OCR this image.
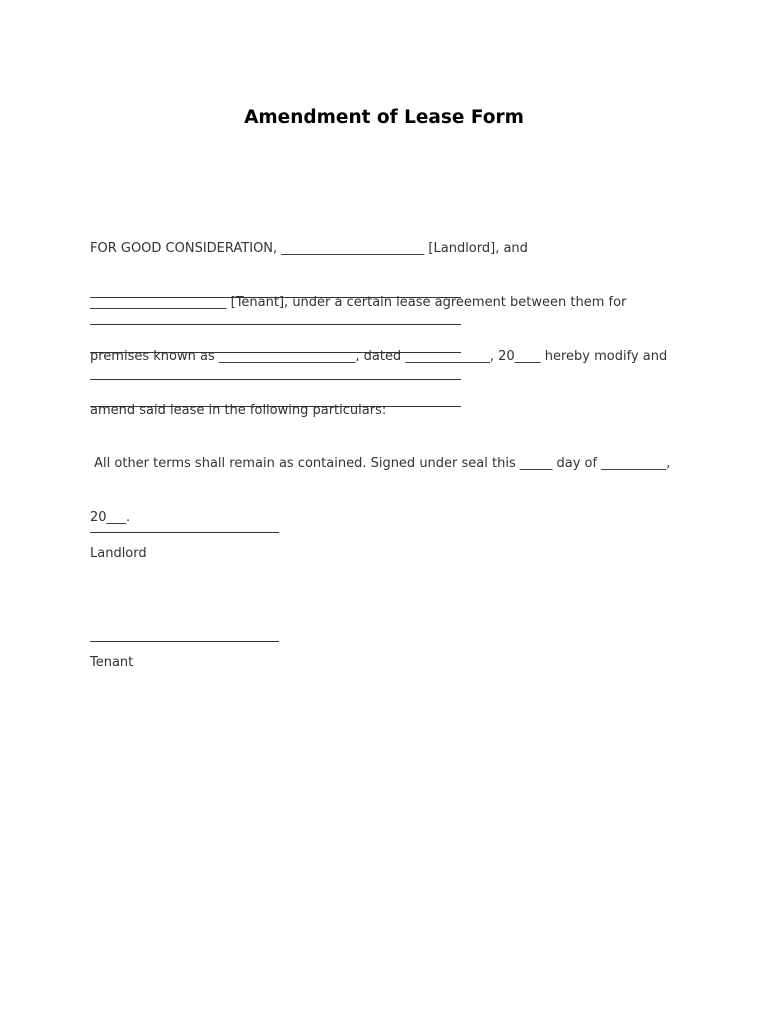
Amendment of Lease Form

FOR GOOD CONSIDERATION, ______________________ [Landlord], and

_____________________ [Tenant], under a certain lease agreement between them for

premises known as _____________________, dated _____________, 20____ hereby modify and

amend said lease in the following particulars:

All other terms shall remain as contained. Signed under seal this _____ day of __________,

20___.

Landlord
Tenant
